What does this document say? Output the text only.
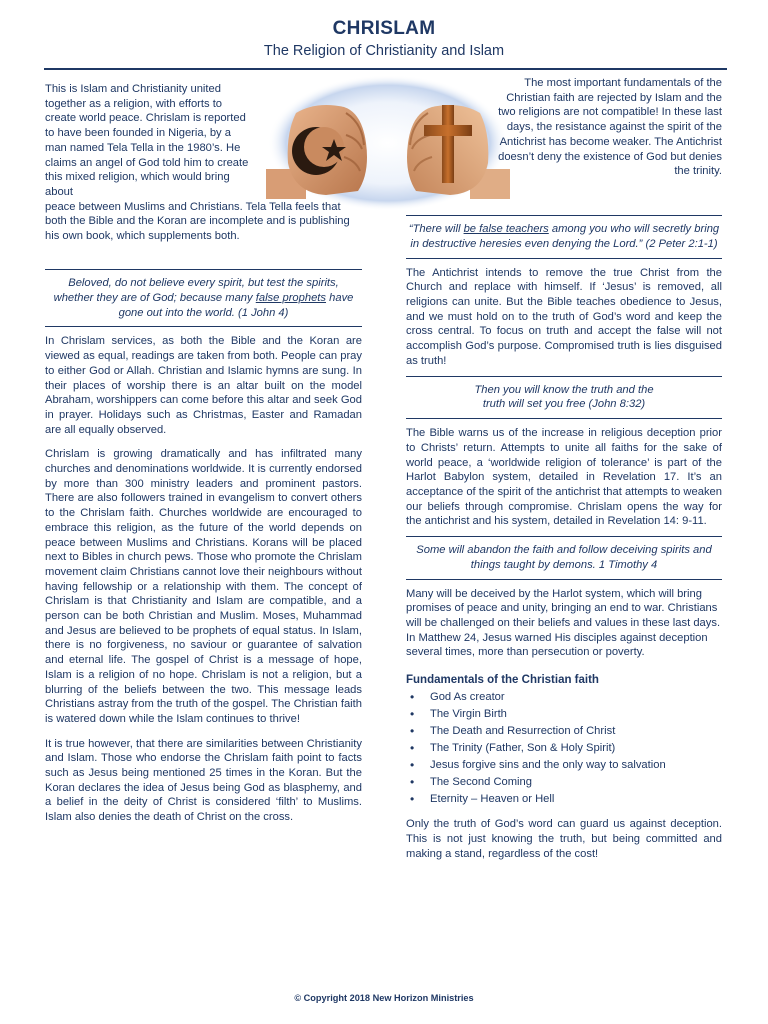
CHRISLAM
The Religion of Christianity and Islam

This is Islam and Christianity united together as a religion, with efforts to create world peace. Chrislam is reported to have been founded in Nigeria, by a man named Tela Tella in the 1980’s. He claims an angel of God told him to create this mixed religion, which would bring about

peace between Muslims and Christians. Tela Tella feels that both the Bible and the Koran are incomplete and is publishing his own book, which supplements both.

Beloved, do not believe every spirit, but test the spirits, whether they are of God; because many false prophets have gone out into the world. (1 John 4)

In Chrislam services, as both the Bible and the Koran are viewed as equal, readings are taken from both. People can pray to either God or Allah. Christian and Islamic hymns are sung. In their places of worship there is an altar built on the model Abraham, worshippers can come before this altar and seek God in prayer. Holidays such as Christmas, Easter and Ramadan are all equally observed.

Chrislam is growing dramatically and has infiltrated many churches and denominations worldwide. It is currently endorsed by more than 300 ministry leaders and prominent pastors. There are also followers trained in evangelism to convert others to the Chrislam faith. Churches worldwide are encouraged to embrace this religion, as the future of the world depends on peace between Muslims and Christians. Korans will be placed next to Bibles in church pews. Those who promote the Chrislam movement claim Christians cannot love their neighbours without having fellowship or a relationship with them. The concept of Chrislam is that Christianity and Islam are compatible, and a person can be both Christian and Muslim. Moses, Muhammad and Jesus are believed to be prophets of equal status. In Islam, there is no forgiveness, no saviour or guarantee of salvation and eternal life. The gospel of Christ is a message of hope, Islam is a religion of no hope. Chrislam is not a religion, but a blurring of the beliefs between the two. This message leads Christians astray from the truth of the gospel. The Christian faith is watered down while the Islam continues to thrive!

It is true however, that there are similarities between Christianity and Islam. Those who endorse the Chrislam faith point to facts such as Jesus being mentioned 25 times in the Koran. But the Koran declares the idea of Jesus being God as blasphemy, and a belief in the deity of Christ is considered ‘filth’ to Muslims. Islam also denies the death of Christ on the cross.

The most important fundamentals of the Christian faith are rejected by Islam and the two religions are not compatible! In these last days, the resistance against the spirit of the Antichrist has become weaker. The Antichrist doesn’t deny the existence of God but denies the trinity.

“There will be false teachers among you who will secretly bring in destructive heresies even denying the Lord.” (2 Peter 2:1-1)

The Antichrist intends to remove the true Christ from the Church and replace with himself. If ‘Jesus’ is removed, all religions can unite. But the Bible teaches obedience to Jesus, and we must hold on to the truth of God’s word and keep the cross central. To focus on truth and accept the false will not accomplish God’s purpose. Compromised truth is lies disguised as truth!

Then you will know the truth and the

truth will set you free (John 8:32)

The Bible warns us of the increase in religious deception prior to Christs’ return. Attempts to unite all faiths for the sake of world peace, a ‘worldwide religion of tolerance’ is part of the Harlot Babylon system, detailed in Revelation 17. It’s an acceptance of the spirit of the antichrist that attempts to weaken our beliefs through compromise. Chrislam opens the way for the antichrist and his system, detailed in Revelation 14: 9-11.

Some will abandon the faith and follow deceiving spirits and things taught by demons. 1 Timothy 4

Many will be deceived by the Harlot system, which will bring promises of peace and unity, bringing an end to war. Christians will be challenged on their beliefs and values in these last days. In Matthew 24, Jesus warned His disciples against deception several times, more than persecution or poverty.

Fundamentals of the Christian faith
• God As creator
• The Virgin Birth
• The Death and Resurrection of Christ
• The Trinity (Father, Son & Holy Spirit)
• Jesus forgive sins and the only way to salvation
• The Second Coming
• Eternity – Heaven or Hell

Only the truth of God’s word can guard us against deception. This is not just knowing the truth, but being committed and making a stand, regardless of the cost!

© Copyright 2018 New Horizon Ministries
